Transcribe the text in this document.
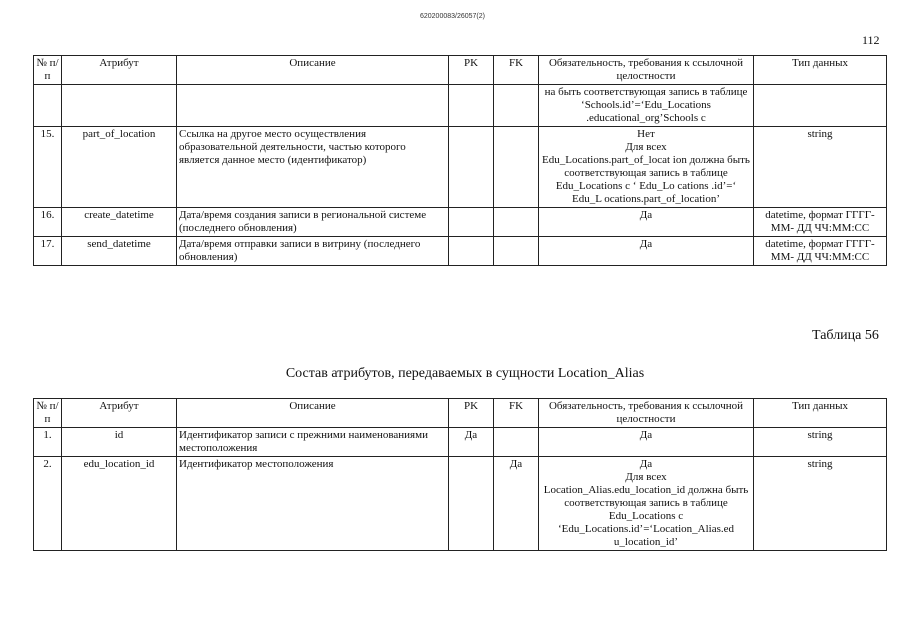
620200083/26057(2)
112
№ п/п	Атрибут	Описание	PK	FK	Обязательность, требования к ссылочной целостности	Тип данных
					на быть соответствующая запись в таблице ‘Schools.id’=‘Edu_Locations .educational_org’Schools с	
15.	part_of_location	Ссылка на другое место осуществления образовательной деятельности, частью которого является данное место (идентификатор)			Нет
Для всех
Edu_Locations.part_of_locat ion должна быть соответствующая запись в таблице Edu_Locations с ‘ Edu_Lo cations .id’=‘ Edu_L ocations.part_of_location’	string
16.	create_datetime	Дата/время создания записи в региональной системе (последнего обновления)			Да	datetime, формат ГГГГ-ММ- ДД ЧЧ:ММ:СС
17.	send_datetime	Дата/время отправки записи в витрину (последнего обновления)			Да	datetime, формат ГГГГ-ММ- ДД ЧЧ:ММ:СС
Таблица 56
Состав атрибутов, передаваемых в сущности Location_Alias
№ п/п	Атрибут	Описание	PK	FK	Обязательность, требования к ссылочной целостности	Тип данных
1.	id	Идентификатор записи с прежними наименованиями местоположения	Да		Да	string
2.	edu_location_id	Идентификатор местоположения		Да	Да
Для всех
Location_Alias.edu_location_id должна быть соответствующая запись в таблице Edu_Locations с ‘Edu_Locations.id’=‘Location_Alias.ed u_location_id’	string
